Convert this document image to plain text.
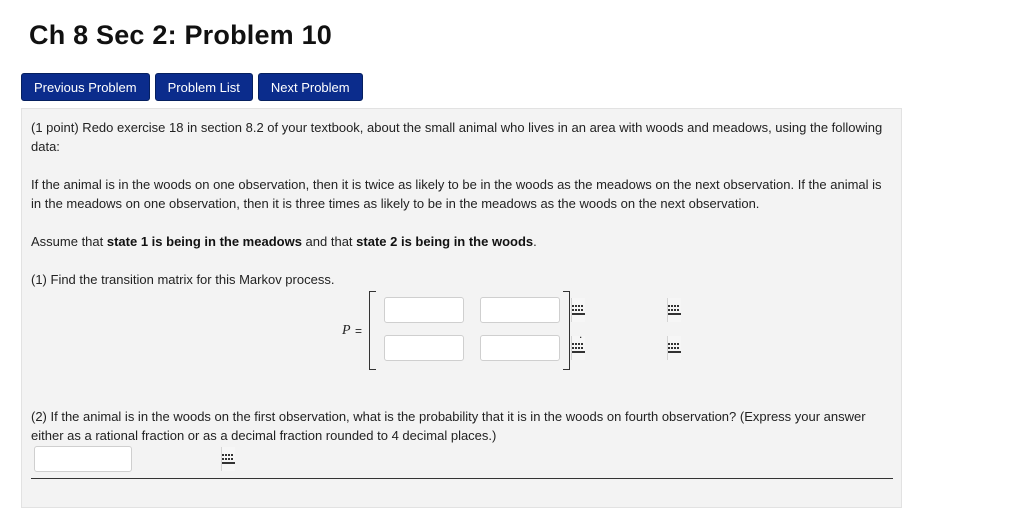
Ch 8 Sec 2: Problem 10
Previous Problem	Problem List	Next Problem
(1 point) Redo exercise 18 in section 8.2 of your textbook, about the small animal who lives in an area with woods and meadows, using the following data:
If the animal is in the woods on one observation, then it is twice as likely to be in the woods as the meadows on the next observation. If the animal is in the meadows on one observation, then it is three times as likely to be in the meadows as the woods on the next observation.
Assume that state 1 is being in the meadows and that state 2 is being in the woods.
(1) Find the transition matrix for this Markov process.
P =	.
(2) If the animal is in the woods on the first observation, what is the probability that it is in the woods on fourth observation? (Express your answer either as a rational fraction or as a decimal fraction rounded to 4 decimal places.)
